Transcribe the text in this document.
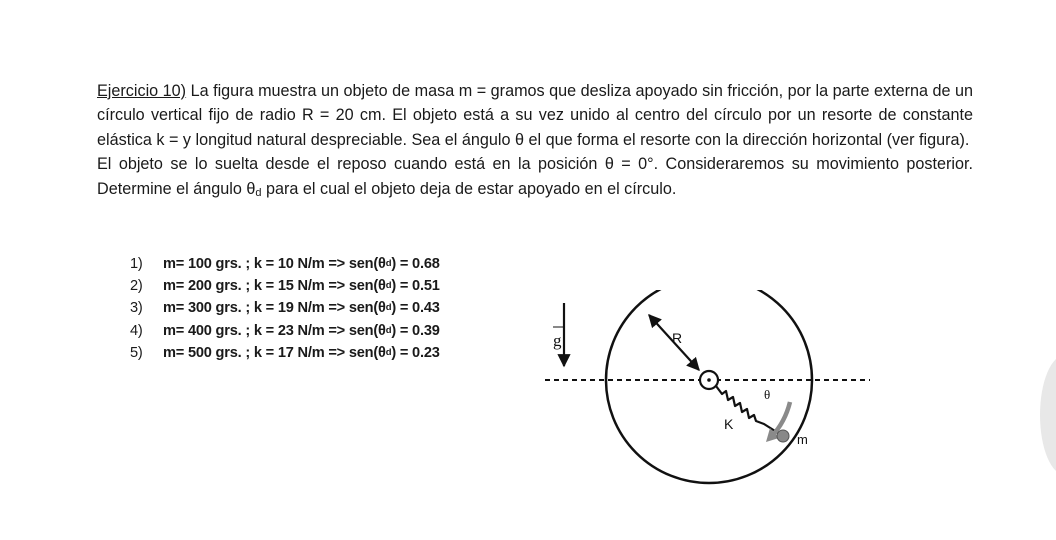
Ejercicio 10) La figura muestra un objeto de masa m = gramos que desliza apoyado sin fricción, por la parte externa de un círculo vertical fijo de radio R = 20 cm. El objeto está a su vez unido al centro del círculo por un resorte de constante elástica k = y longitud natural despreciable. Sea el ángulo θ el que forma el resorte con la dirección horizontal (ver figura).

El objeto se lo suelta desde el reposo cuando está en la posición θ = 0°. Consideraremos su movimiento posterior. Determine el ángulo $\theta_d$ para el cual el objeto deja de estar apoyado en el círculo.

1)	m= 100 grs. ; k = 10 N/m => sen(θ d ) = 0.68
2)	m= 200 grs. ; k = 15 N/m => sen(θ d ) = 0.51
3)	m= 300 grs. ; k = 19 N/m => sen(θ d ) = 0.43
4)	m= 400 grs. ; k = 23 N/m => sen(θ d ) = 0.39
5)	m= 500 grs. ; k = 17 N/m => sen(θ d ) = 0.23
g	R
K
θ
m
